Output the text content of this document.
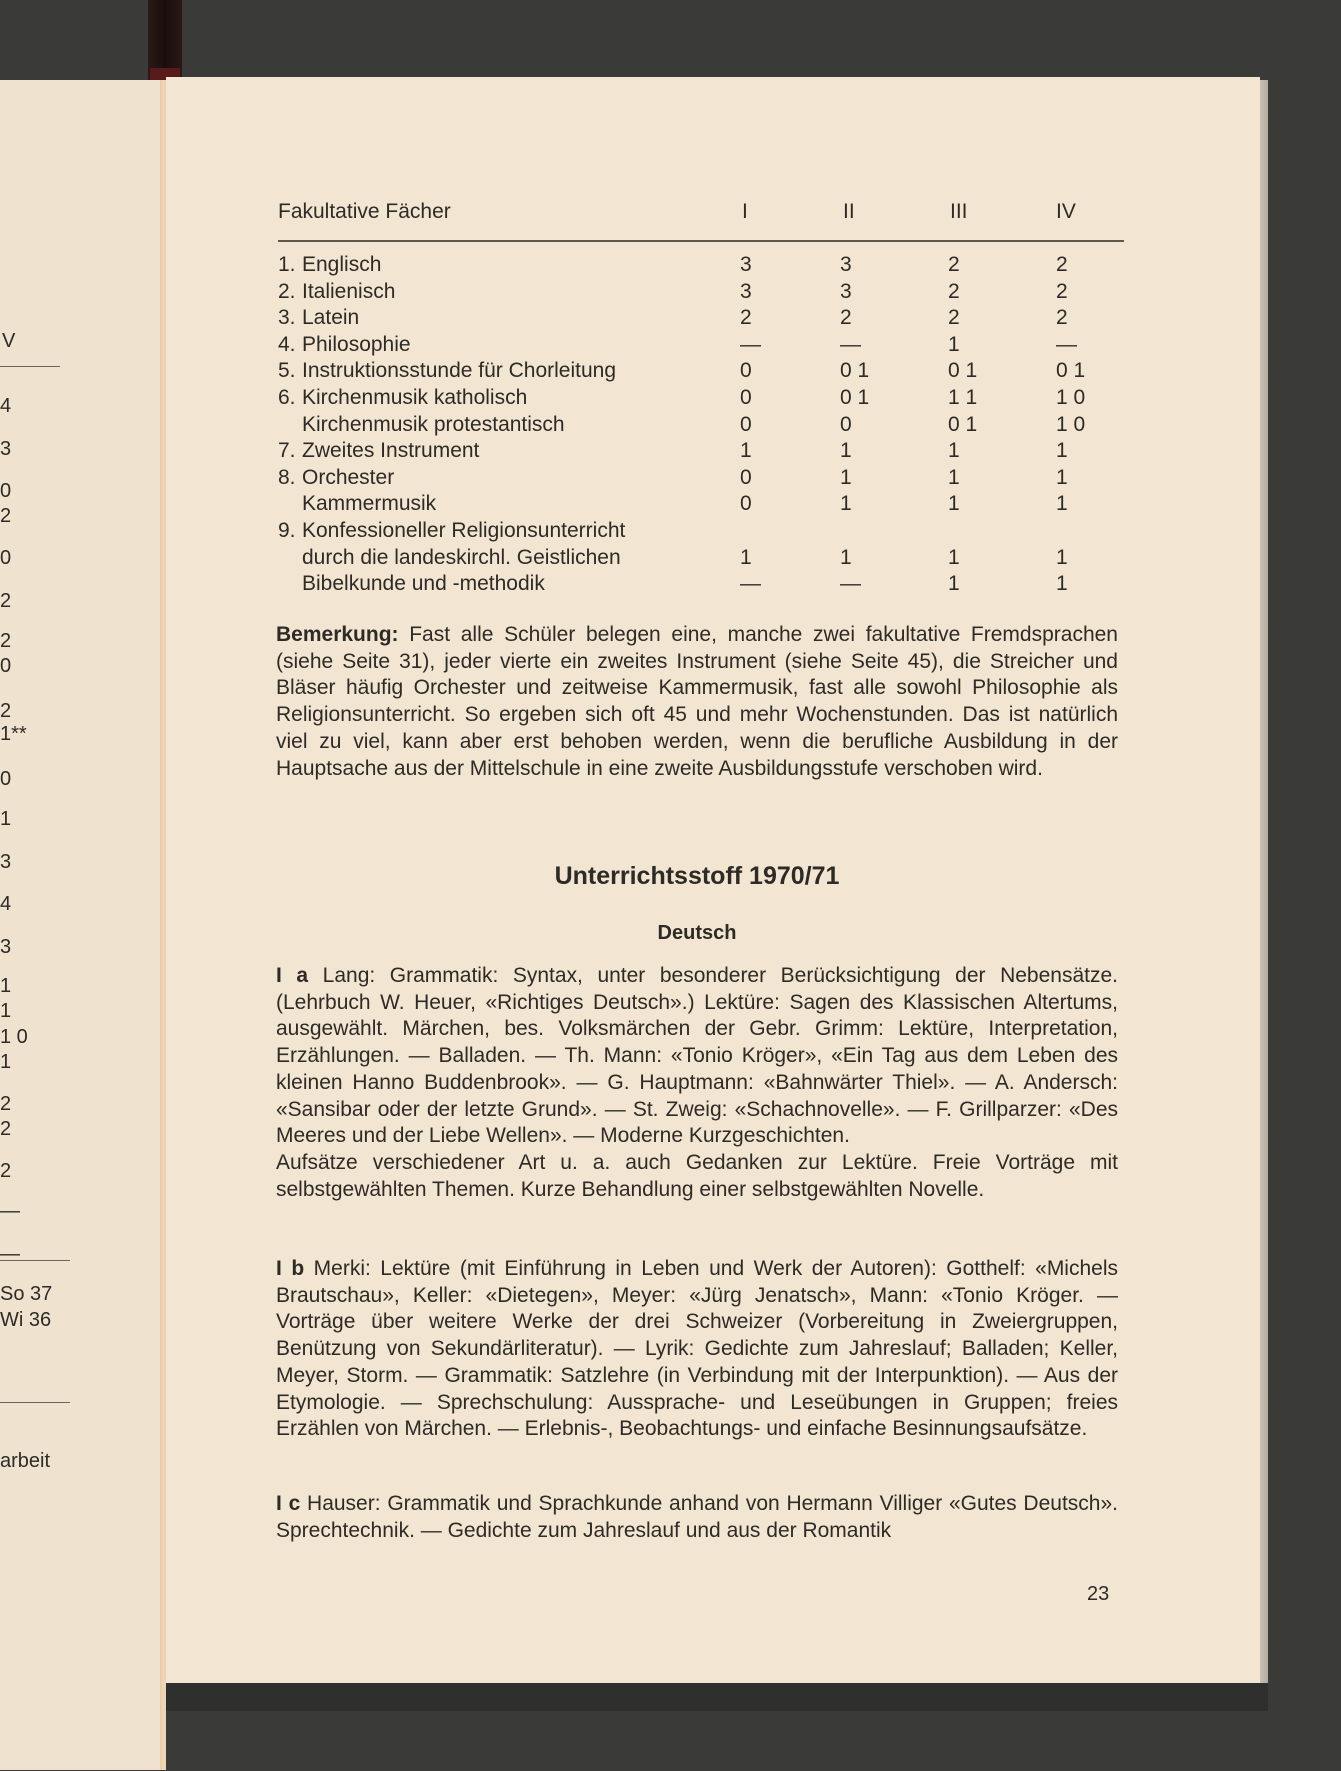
V
So 37
Wi 36
arbeit
4
3
0
2
0
2
2
0
2
1**
0
1
3
4
3
1
1
1 0
1
2
2
2
—
—
Fakultative Fächer	I	II	III	IV
1. Englisch	3	3	2	2
2. Italienisch	3	3	2	2
3. Latein	2	2	2	2
4. Philosophie	—	—	1	—
5. Instruktionsstunde für Chorleitung	0	0 1	0 1	0 1
6. Kirchenmusik katholisch	0	0 1	1 1	1 0
Kirchenmusik protestantisch	0	0	0 1	1 0
7. Zweites Instrument	1	1	1	1
8. Orchester	0	1	1	1
Kammermusik	0	1	1	1
9. Konfessioneller Religionsunterricht
durch die landeskirchl. Geistlichen	1	1	1	1
Bibelkunde und -methodik	—	—	1	1
Bemerkung: Fast alle Schüler belegen eine, manche zwei fakultative Fremdsprachen (siehe Seite 31), jeder vierte ein zweites Instrument (siehe Seite 45), die Streicher und Bläser häufig Orchester und zeitweise Kammermusik, fast alle sowohl Philosophie als Religionsunterricht. So ergeben sich oft 45 und mehr Wochenstunden. Das ist natürlich viel zu viel, kann aber erst behoben werden, wenn die berufliche Ausbildung in der Hauptsache aus der Mittelschule in eine zweite Ausbildungsstufe verschoben wird.
Unterrichtsstoff 1970/71
Deutsch
I a Lang: Grammatik: Syntax, unter besonderer Berücksichtigung der Nebensätze. (Lehrbuch W. Heuer, «Richtiges Deutsch».) Lektüre: Sagen des Klassischen Altertums, ausgewählt. Märchen, bes. Volksmärchen der Gebr. Grimm: Lektüre, Interpretation, Erzählungen. — Balladen. — Th. Mann: «Tonio Kröger», «Ein Tag aus dem Leben des kleinen Hanno Buddenbrook». — G. Hauptmann: «Bahnwärter Thiel». — A. Andersch: «Sansibar oder der letzte Grund». — St. Zweig: «Schachnovelle». — F. Grillparzer: «Des Meeres und der Liebe Wellen». — Moderne Kurzgeschichten.
Aufsätze verschiedener Art u. a. auch Gedanken zur Lektüre. Freie Vorträge mit selbstgewählten Themen. Kurze Behandlung einer selbstgewählten Novelle.
I b Merki: Lektüre (mit Einführung in Leben und Werk der Autoren): Gotthelf: «Michels Brautschau», Keller: «Dietegen», Meyer: «Jürg Jenatsch», Mann: «Tonio Kröger. — Vorträge über weitere Werke der drei Schweizer (Vorbereitung in Zweiergruppen, Benützung von Sekundärliteratur). — Lyrik: Gedichte zum Jahreslauf; Balladen; Keller, Meyer, Storm. — Grammatik: Satzlehre (in Verbindung mit der Interpunktion). — Aus der Etymologie. — Sprechschulung: Aussprache- und Leseübungen in Gruppen; freies Erzählen von Märchen. — Erlebnis-, Beobachtungs- und einfache Besinnungsaufsätze.
I c Hauser: Grammatik und Sprachkunde anhand von Hermann Villiger «Gutes Deutsch». Sprechtechnik. — Gedichte zum Jahreslauf und aus der Romantik
23
